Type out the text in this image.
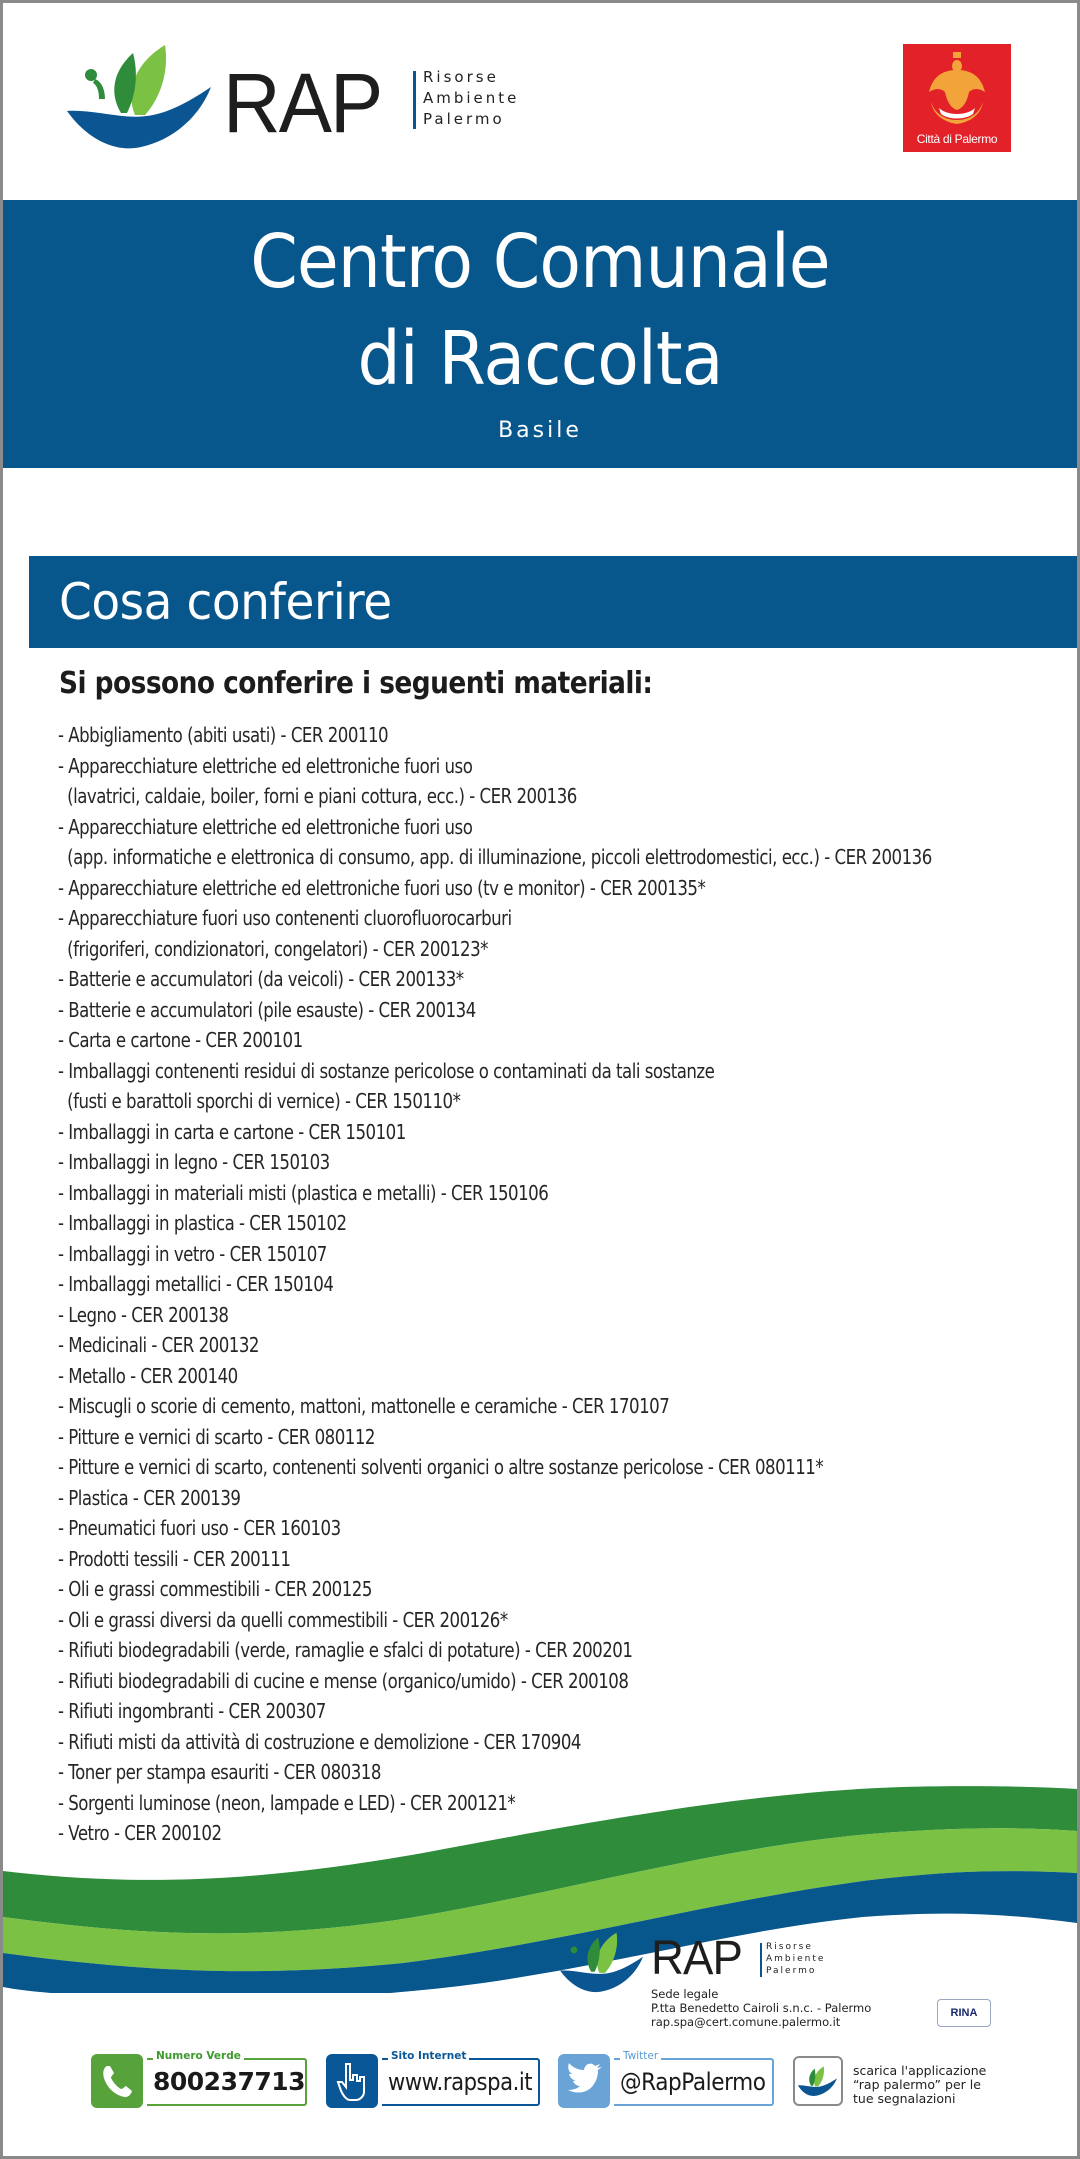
RAP	Risorse
Ambiente
Palermo
Città di Palermo
Centro Comunale
di Raccolta
Basile
Cosa conferire
Si possono conferire i seguenti materiali:
- Abbigliamento (abiti usati) - CER 200110
- Apparecchiature elettriche ed elettroniche fuori uso
(lavatrici, caldaie, boiler, forni e piani cottura, ecc.) - CER 200136
- Apparecchiature elettriche ed elettroniche fuori uso
(app. informatiche e elettronica di consumo, app. di illuminazione, piccoli elettrodomestici, ecc.) - CER 200136
- Apparecchiature elettriche ed elettroniche fuori uso (tv e monitor) - CER 200135*
- Apparecchiature fuori uso contenenti cluorofluorocarburi
(frigoriferi, condizionatori, congelatori) - CER 200123*
- Batterie e accumulatori (da veicoli) - CER 200133*
- Batterie e accumulatori (pile esauste) - CER 200134
- Carta e cartone - CER 200101
- Imballaggi contenenti residui di sostanze pericolose o contaminati da tali sostanze
(fusti e barattoli sporchi di vernice) - CER 150110*
- Imballaggi in carta e cartone - CER 150101
- Imballaggi in legno - CER 150103
- Imballaggi in materiali misti (plastica e metalli) - CER 150106
- Imballaggi in plastica - CER 150102
- Imballaggi in vetro - CER 150107
- Imballaggi metallici - CER 150104
- Legno - CER 200138
- Medicinali - CER 200132
- Metallo - CER 200140
- Miscugli o scorie di cemento, mattoni, mattonelle e ceramiche - CER 170107
- Pitture e vernici di scarto - CER 080112
- Pitture e vernici di scarto, contenenti solventi organici o altre sostanze pericolose - CER 080111*
- Plastica - CER 200139
- Pneumatici fuori uso - CER 160103
- Prodotti tessili - CER 200111
- Oli e grassi commestibili - CER 200125
- Oli e grassi diversi da quelli commestibili - CER 200126*
- Rifiuti biodegradabili (verde, ramaglie e sfalci di potature) - CER 200201
- Rifiuti biodegradabili di cucine e mense (organico/umido) - CER 200108
- Rifiuti ingombranti - CER 200307
- Rifiuti misti da attività di costruzione e demolizione - CER 170904
- Toner per stampa esauriti - CER 080318
- Sorgenti luminose (neon, lampade e LED) - CER 200121*
- Vetro - CER 200102
RAP	Risorse
Ambiente
Palermo
Sede legale
P.tta Benedetto Cairoli s.n.c. - Palermo
rap.spa@cert.comune.palermo.it
RINA
Numero Verde
800237713
Sito Internet
www.rapspa.it
Twitter
@RapPalermo	scarica l'applicazione
“rap palermo” per le
tue segnalazioni
